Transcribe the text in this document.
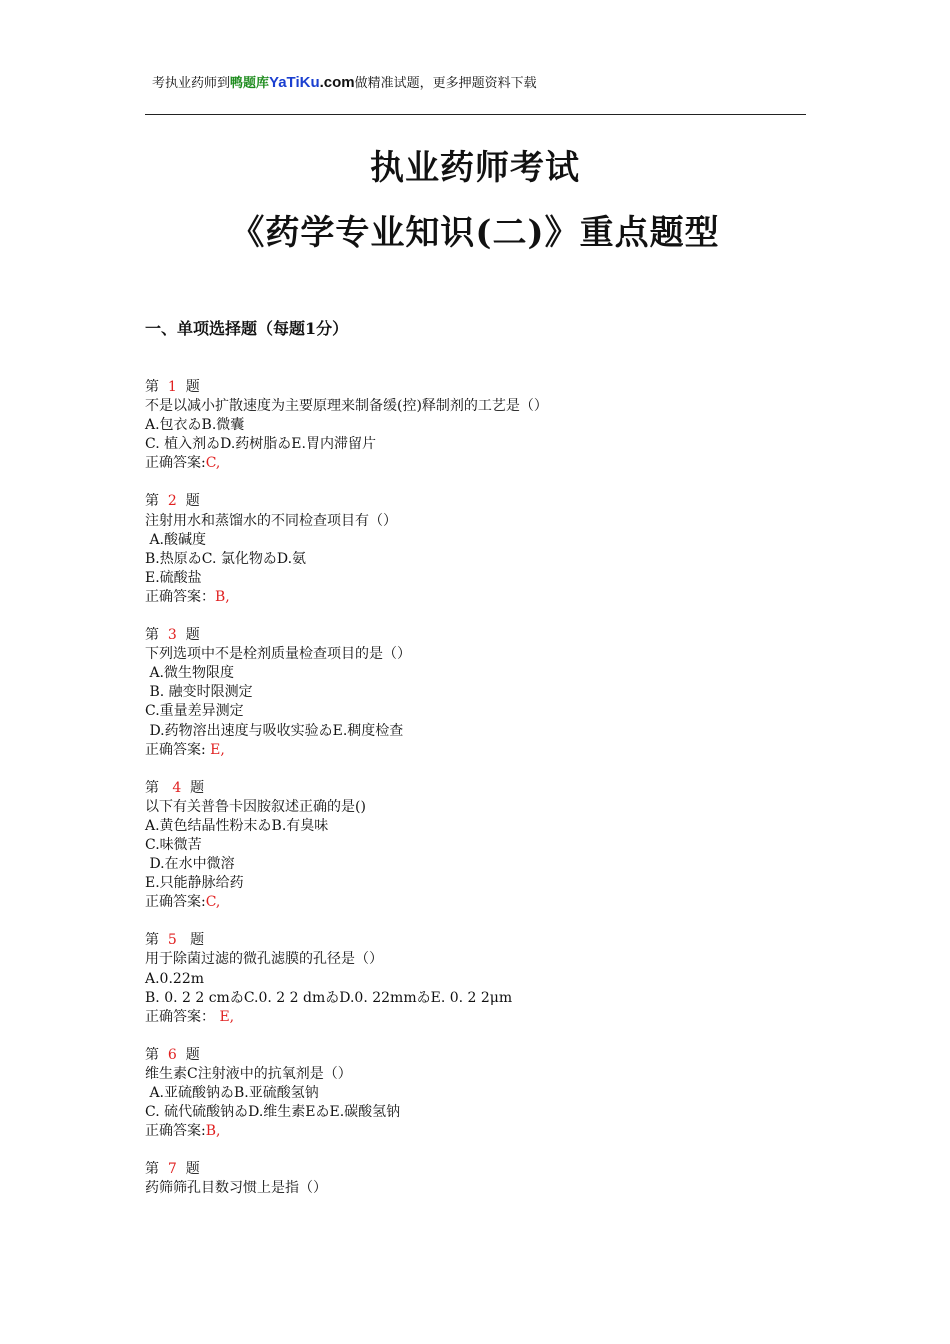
考执业药师到鸭题库YaTiKu.com做精准试题，更多押题资料下载
执业药师考试
《药学专业知识(二)》重点题型
一、单项选择题（每题1分）
第  1  题
不是以减小扩散速度为主要原理来制备缓(控)释制剂的工艺是（）
A.包衣ゐB.微囊
C. 植入剂ゐD.药树脂ゐE.胃内滞留片
正确答案:C,
第  2  题
注射用水和蒸馏水的不同检查项目有（）
A.酸碱度
B.热原ゐC. 氯化物ゐD.氨
E.硫酸盐
正确答案：B,
第  3  题
下列选项中不是栓剂质量检查项目的是（）
A.微生物限度
B. 融变时限测定
C.重量差异测定
D.药物溶出速度与吸收实验ゐE.稠度检查
正确答案: E,
第   4  题
以下有关普鲁卡因胺叙述正确的是()
A.黄色结晶性粉末ゐB.有臭味
C.味微苦
D.在水中微溶
E.只能静脉给药
正确答案:C,
第  5   题
用于除菌过滤的微孔滤膜的孔径是（）
A.0.22m
B. 0. 2 2 cmゐC.0. 2 2 dmゐD.0. 22mmゐE. 0. 2 2μm
正确答案： E,
第  6  题
维生素C注射液中的抗氧剂是（）
A.亚硫酸钠ゐB.亚硫酸氢钠
C. 硫代硫酸钠ゐD.维生素EゐE.碳酸氢钠
正确答案:B,
第  7  题
药筛筛孔目数习惯上是指（）
